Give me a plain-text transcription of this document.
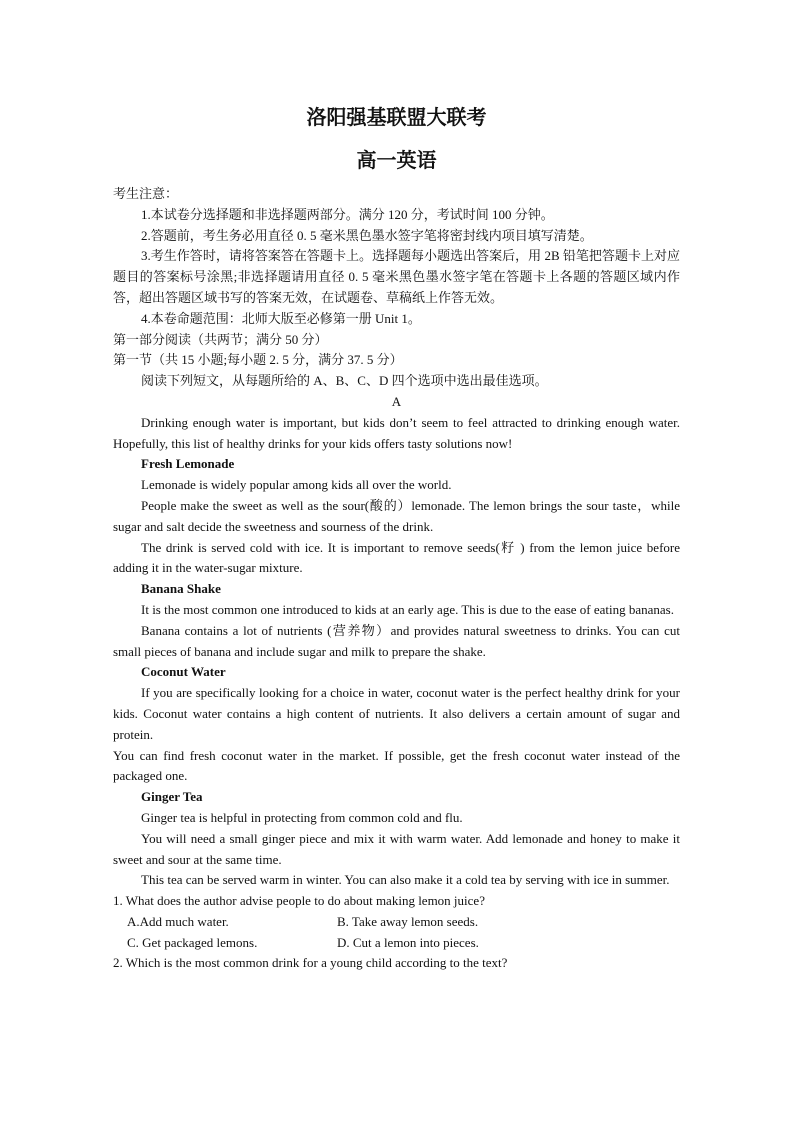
洛阳强基联盟大联考
高一英语

考生注意：

1.本试卷分选择题和非选择题两部分。满分 120 分，考试时间 100 分钟。

2.答题前，考生务必用直径 0. 5 毫米黑色墨水签字笔将密封线内项目填写清楚。

3.考生作答时，请将答案答在答题卡上。选择题每小题选出答案后，用 2B 铅笔把答题卡上对应题目的答案标号涂黑;非选择题请用直径 0. 5 毫米黑色墨水签字笔在答题卡上各题的答题区域内作答，超出答题区域书写的答案无效，在试题卷、草稿纸上作答无效。

4.本卷命题范围：北师大版至必修第一册 Unit 1。

第一部分阅读（共两节；满分 50 分）

第一节（共 15 小题;每小题 2. 5 分，满分 37. 5 分）

阅读下列短文，从每题所给的 A、B、C、D 四个选项中选出最佳选项。

A

Drinking enough water is important, but kids don’t seem to feel attracted to drinking enough water. Hopefully, this list of healthy drinks for your kids offers tasty solutions now!

Fresh Lemonade

Lemonade is widely popular among kids all over the world.

People make the sweet as well as the sour(酸的）lemonade. The lemon brings the sour taste，while sugar and salt decide the sweetness and sourness of the drink.

The drink is served cold with ice. It is important to remove seeds(籽 ) from the lemon juice before adding it in the water-sugar mixture.

Banana Shake

It is the most common one introduced to kids at an early age. This is due to the ease of eating bananas.

Banana contains a lot of nutrients (营养物）and provides natural sweetness to drinks. You can cut small pieces of banana and include sugar and milk to prepare the shake.

Coconut Water

If you are specifically looking for a choice in water, coconut water is the perfect healthy drink for your kids. Coconut water contains a high content of nutrients. It also delivers a certain amount of sugar and protein.

You can find fresh coconut water in the market. If possible, get the fresh coconut water instead of the packaged one.

Ginger Tea

Ginger tea is helpful in protecting from common cold and flu.

You will need a small ginger piece and mix it with warm water. Add lemonade and honey to make it sweet and sour at the same time.

This tea can be served warm in winter. You can also make it a cold tea by serving with ice in summer.

1. What does the author advise people to do about making lemon juice?

A.Add much water.	B. Take away lemon seeds.
C. Get packaged lemons.	D. Cut a lemon into pieces.

2. Which is the most common drink for a young child according to the text?
